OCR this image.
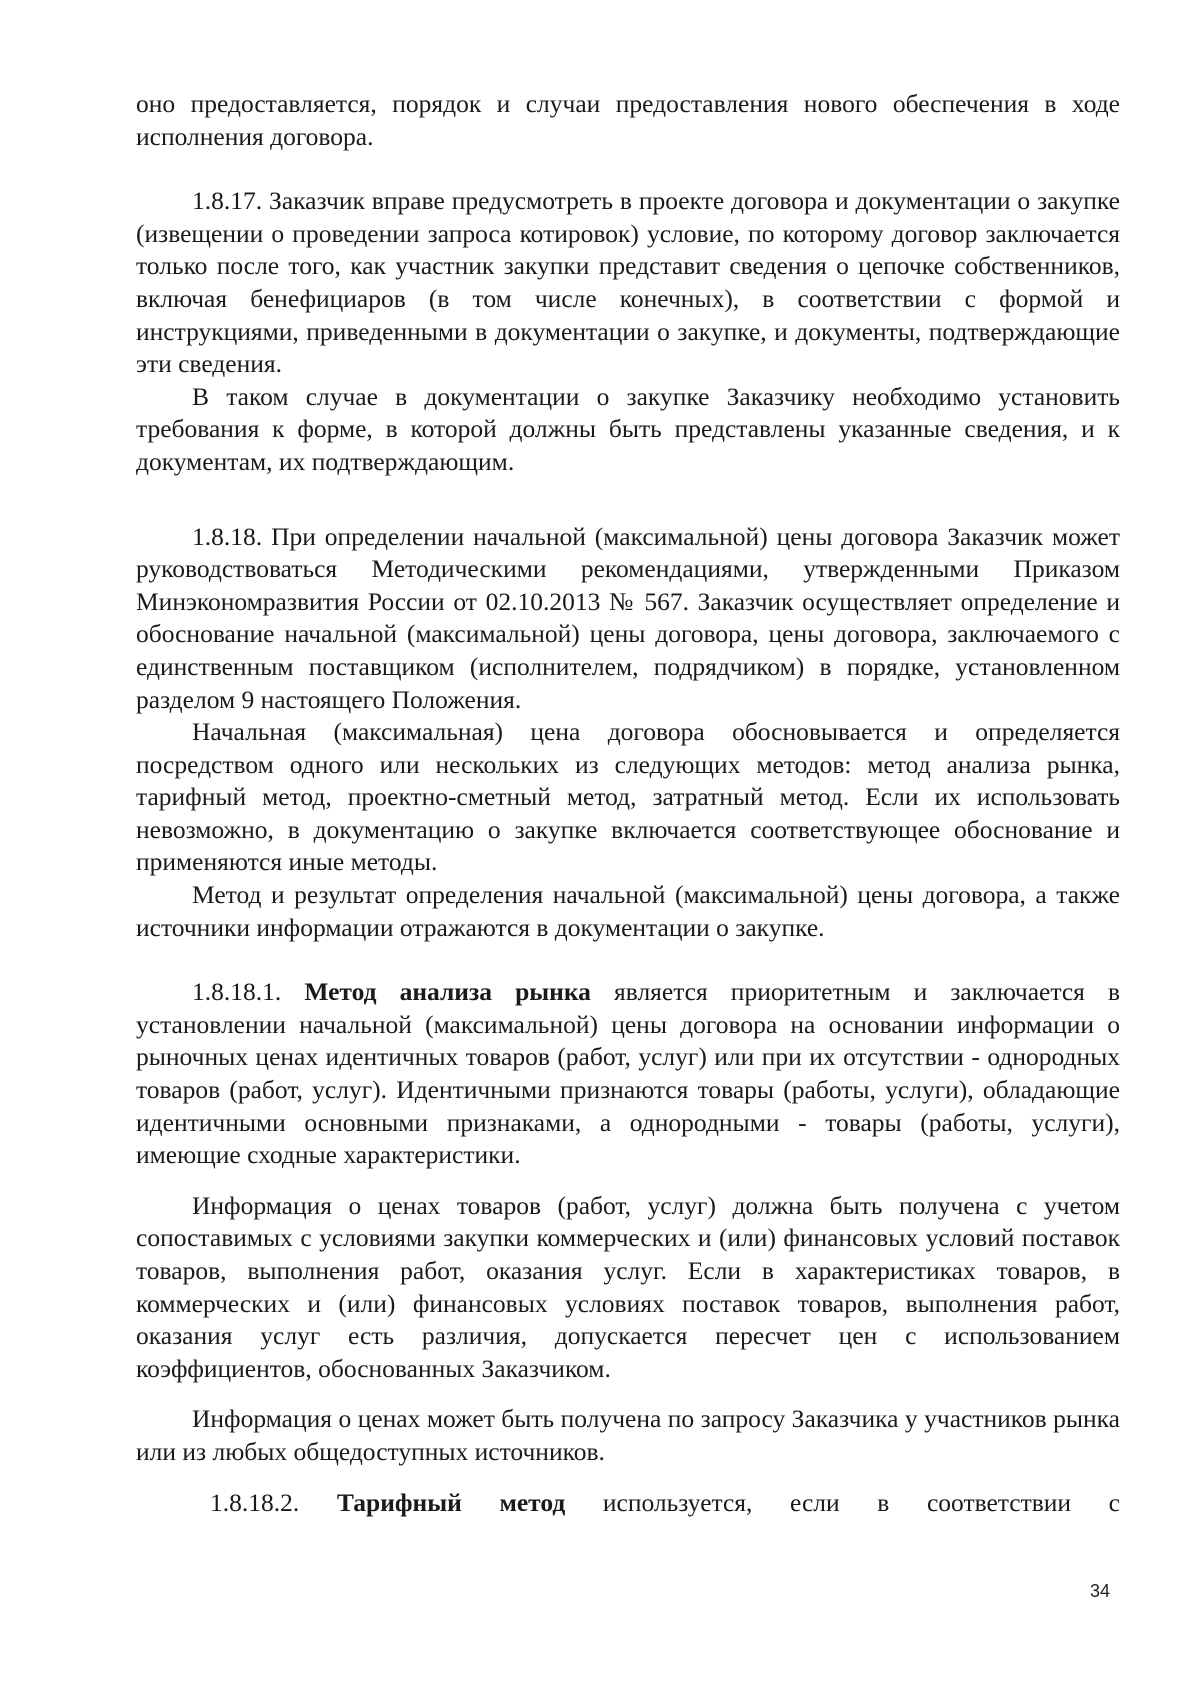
оно предоставляется, порядок и случаи предоставления нового обеспечения в ходе исполнения договора.

1.8.17. Заказчик вправе предусмотреть в проекте договора и документации о закупке (извещении о проведении запроса котировок) условие, по которому договор заключается только после того, как участник закупки представит сведения о цепочке собственников, включая бенефициаров (в том числе конечных), в соответствии с формой и инструкциями, приведенными в документации о закупке, и документы, подтверждающие эти сведения.

В таком случае в документации о закупке Заказчику необходимо установить требования к форме, в которой должны быть представлены указанные сведения, и к документам, их подтверждающим.

1.8.18. При определении начальной (максимальной) цены договора Заказчик может руководствоваться Методическими рекомендациями, утвержденными Приказом Минэкономразвития России от 02.10.2013 № 567. Заказчик осуществляет определение и обоснование начальной (максимальной) цены договора, цены договора, заключаемого с единственным поставщиком (исполнителем, подрядчиком) в порядке, установленном разделом 9 настоящего Положения.

Начальная (максимальная) цена договора обосновывается и определяется посредством одного или нескольких из следующих методов: метод анализа рынка, тарифный метод, проектно-сметный метод, затратный метод. Если их использовать невозможно, в документацию о закупке включается соответствующее обоснование и применяются иные методы.

Метод и результат определения начальной (максимальной) цены договора, а также источники информации отражаются в документации о закупке.

1.8.18.1. Метод анализа рынка является приоритетным и заключается в установлении начальной (максимальной) цены договора на основании информации о рыночных ценах идентичных товаров (работ, услуг) или при их отсутствии - однородных товаров (работ, услуг). Идентичными признаются товары (работы, услуги), обладающие идентичными основными признаками, а однородными - товары (работы, услуги), имеющие сходные характеристики.

Информация о ценах товаров (работ, услуг) должна быть получена с учетом сопоставимых с условиями закупки коммерческих и (или) финансовых условий поставок товаров, выполнения работ, оказания услуг. Если в характеристиках товаров, в коммерческих и (или) финансовых условиях поставок товаров, выполнения работ, оказания услуг есть различия, допускается пересчет цен с использованием коэффициентов, обоснованных Заказчиком.

Информация о ценах может быть получена по запросу Заказчика у участников рынка или из любых общедоступных источников.

1.8.18.2. Тарифный метод используется, если в соответствии с

34
